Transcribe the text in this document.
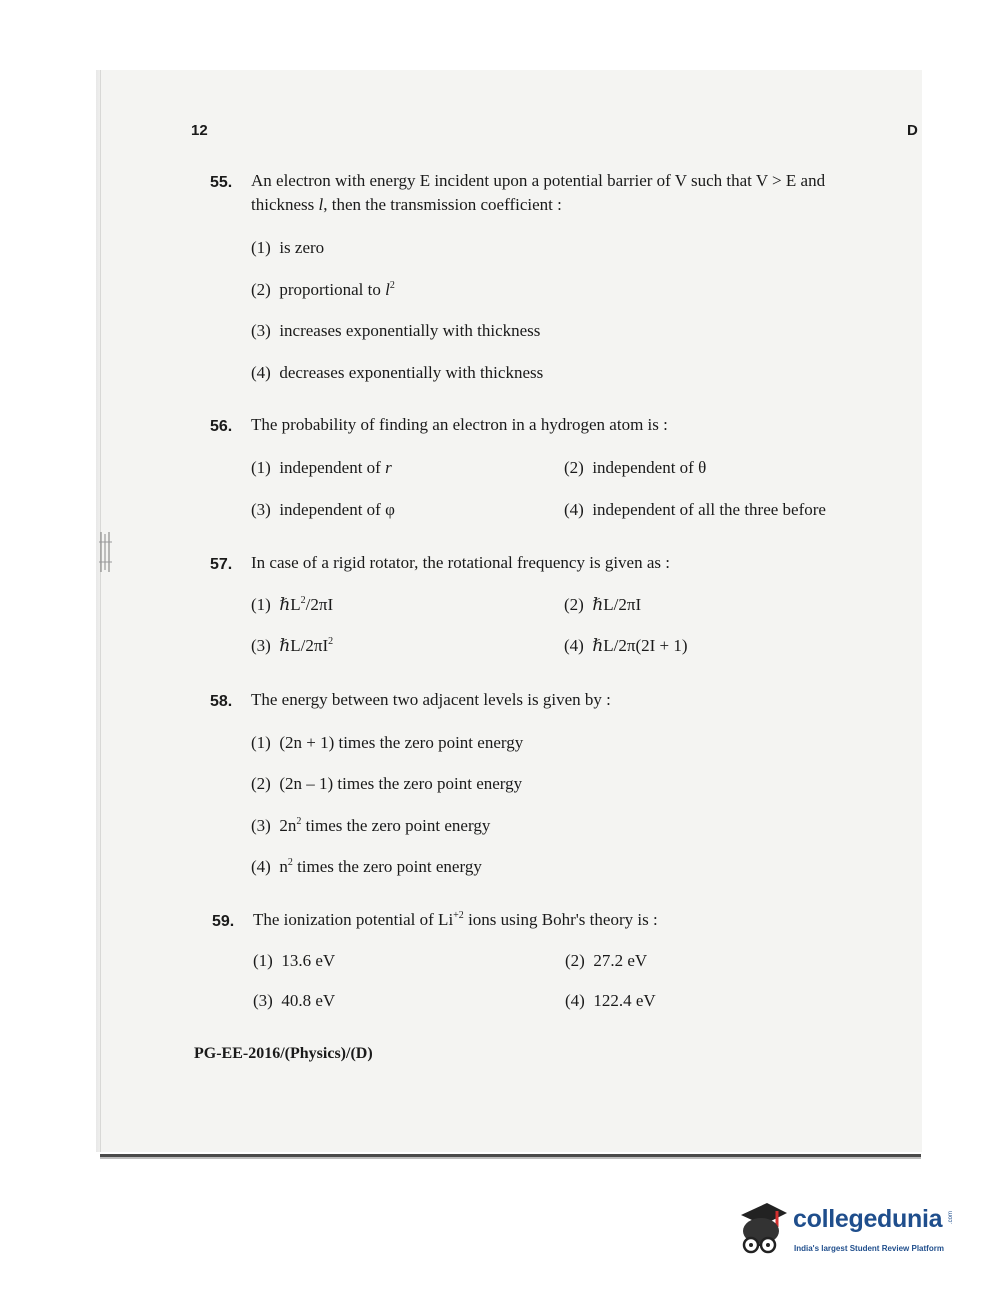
12	D
55. An electron with energy E incident upon a potential barrier of V such that V > E and
thickness l, then the transmission coefficient :
(1) is zero
(2) proportional to $l^2$
(3) increases exponentially with thickness
(4) decreases exponentially with thickness
56. The probability of finding an electron in a hydrogen atom is :
(1) independent of r	(2) independent of θ
(3) independent of φ	(4) independent of all the three before
57. In case of a rigid rotator, the rotational frequency is given as :
(1) ℏL$^2$/2πI	(2) ℏL/2πI
(3) $\hbar L/2\pi I^2$	(4) ℏL/2π(2I + 1)
58. The energy between two adjacent levels is given by :
(1) (2n + 1) times the zero point energy
(2) (2n – 1) times the zero point energy
(3) $2n^2$ times the zero point energy
(4) $n^2$ times the zero point energy
59. The ionization potential of $Li^{+2}$ ions using Bohr's theory is :
(1) 13.6 eV	(2) 27.2 eV
(3) 40.8 eV	(4) 122.4 eV
PG-EE-2016/(Physics)/(D)
collegedunia .com
India's largest Student Review Platform
